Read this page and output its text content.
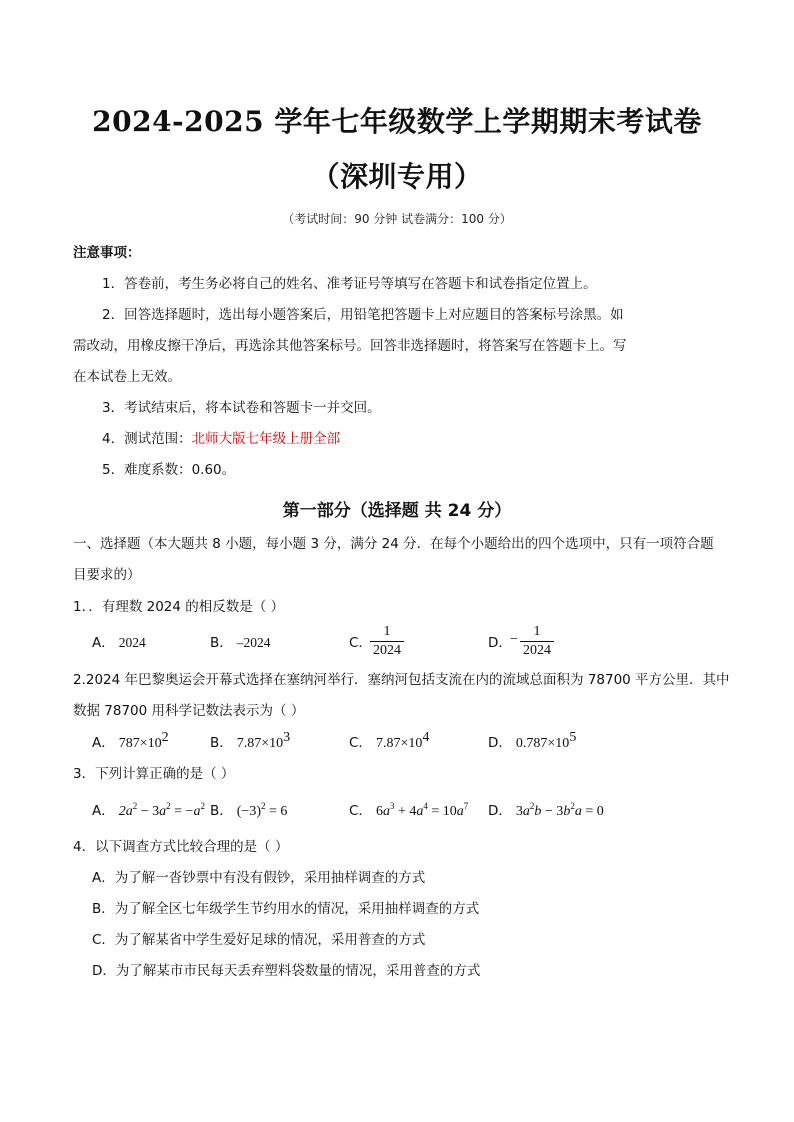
2024-2025 学年七年级数学上学期期末考试卷
（深圳专用）
（考试时间：90 分钟 试卷满分：100 分）
注意事项：
1．答卷前，考生务必将自己的姓名、准考证号等填写在答题卡和试卷指定位置上。
2．回答选择题时，选出每小题答案后，用铅笔把答题卡上对应题目的答案标号涂黑。如
需改动，用橡皮擦干净后，再选涂其他答案标号。回答非选择题时，将答案写在答题卡上。写
在本试卷上无效。
3．考试结束后，将本试卷和答题卡一并交回。
4．测试范围：北师大版七年级上册全部
5．难度系数：0.60。
第一部分（选择题 共 24 分）
一、选择题（本大题共 8 小题，每小题 3 分，满分 24 分．在每个小题给出的四个选项中，只有一项符合题
目要求的）
1．．有理数 2024 的相反数是（ ）
A． 2024	B． –2024	C．
1
2024	D．
−
1
2024
2.2024 年巴黎奥运会开幕式选择在塞纳河举行．塞纳河包括支流在内的流域总面积为 78700 平方公里．其中
数据 78700 用科学记数法表示为（ ）
A． $787\times 10^2$	B． $7.87\times 10^3$	C． $7.87\times 10^4$	D． $0.787\times 10^5$
3．下列计算正确的是（ ）
A． $2a^2 - 3a^2 = -a^2$ B． $(-3)^2 = 6$	C． $6a^3 + 4a^4 = 10a^7$ D． $3a^2b - 3b^2a = 0$
4．以下调查方式比较合理的是（ ）
A．为了解一沓钞票中有没有假钞，采用抽样调查的方式
B．为了解全区七年级学生节约用水的情况，采用抽样调查的方式
C．为了解某省中学生爱好足球的情况，采用普查的方式
D．为了解某市市民每天丢弃塑料袋数量的情况，采用普查的方式
